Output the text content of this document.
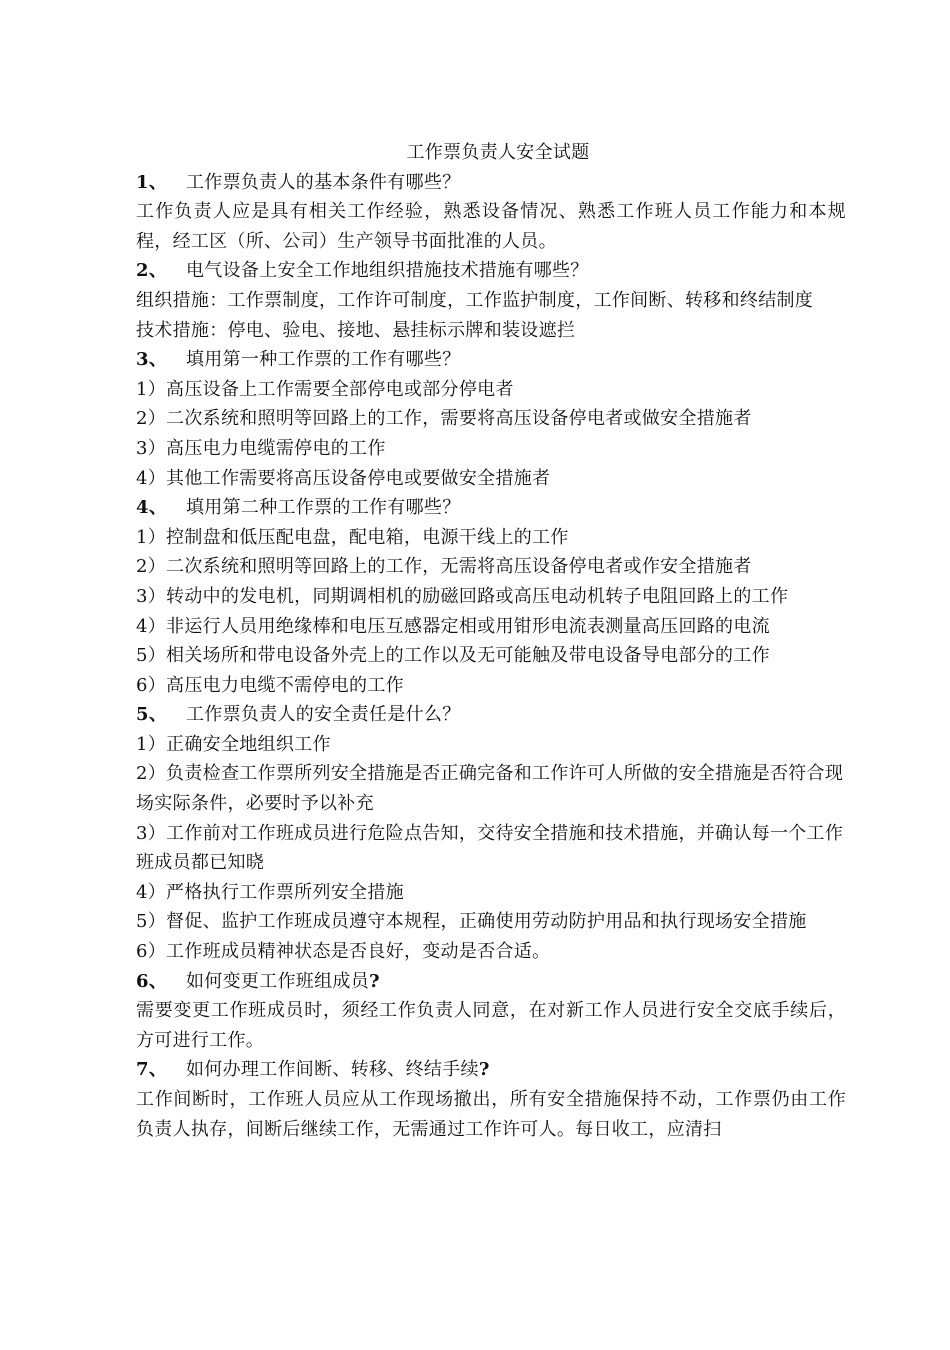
工作票负责人安全试题

1、 工作票负责人的基本条件有哪些？

工作负责人应是具有相关工作经验，熟悉设备情况、熟悉工作班人员工作能力和本规程，经工区（所、公司）生产领导书面批准的人员。

2、 电气设备上安全工作地组织措施技术措施有哪些？

组织措施：工作票制度，工作许可制度，工作监护制度，工作间断、转移和终结制度

技术措施：停电、验电、接地、悬挂标示牌和装设遮拦

3、 填用第一种工作票的工作有哪些？

1）高压设备上工作需要全部停电或部分停电者
2）二次系统和照明等回路上的工作，需要将高压设备停电者或做安全措施者
3）高压电力电缆需停电的工作
4）其他工作需要将高压设备停电或要做安全措施者

4、 填用第二种工作票的工作有哪些？

1）控制盘和低压配电盘，配电箱，电源干线上的工作
2）二次系统和照明等回路上的工作，无需将高压设备停电者或作安全措施者
3）转动中的发电机，同期调相机的励磁回路或高压电动机转子电阻回路上的工作
4）非运行人员用绝缘棒和电压互感器定相或用钳形电流表测量高压回路的电流
5）相关场所和带电设备外壳上的工作以及无可能触及带电设备导电部分的工作
6）高压电力电缆不需停电的工作

5、 工作票负责人的安全责任是什么？

1）正确安全地组织工作
2）负责检查工作票所列安全措施是否正确完备和工作许可人所做的安全措施是否符合现场实际条件，必要时予以补充
3）工作前对工作班成员进行危险点告知，交待安全措施和技术措施，并确认每一个工作班成员都已知晓
4）严格执行工作票所列安全措施
5）督促、监护工作班成员遵守本规程，正确使用劳动防护用品和执行现场安全措施
6）工作班成员精神状态是否良好，变动是否合适。

6、 如何变更工作班组成员?

需要变更工作班成员时，须经工作负责人同意，在对新工作人员进行安全交底手续后，方可进行工作。

7、 如何办理工作间断、转移、终结手续?

工作间断时，工作班人员应从工作现场撤出，所有安全措施保持不动，工作票仍由工作负责人执存，间断后继续工作，无需通过工作许可人。每日收工，应清扫
